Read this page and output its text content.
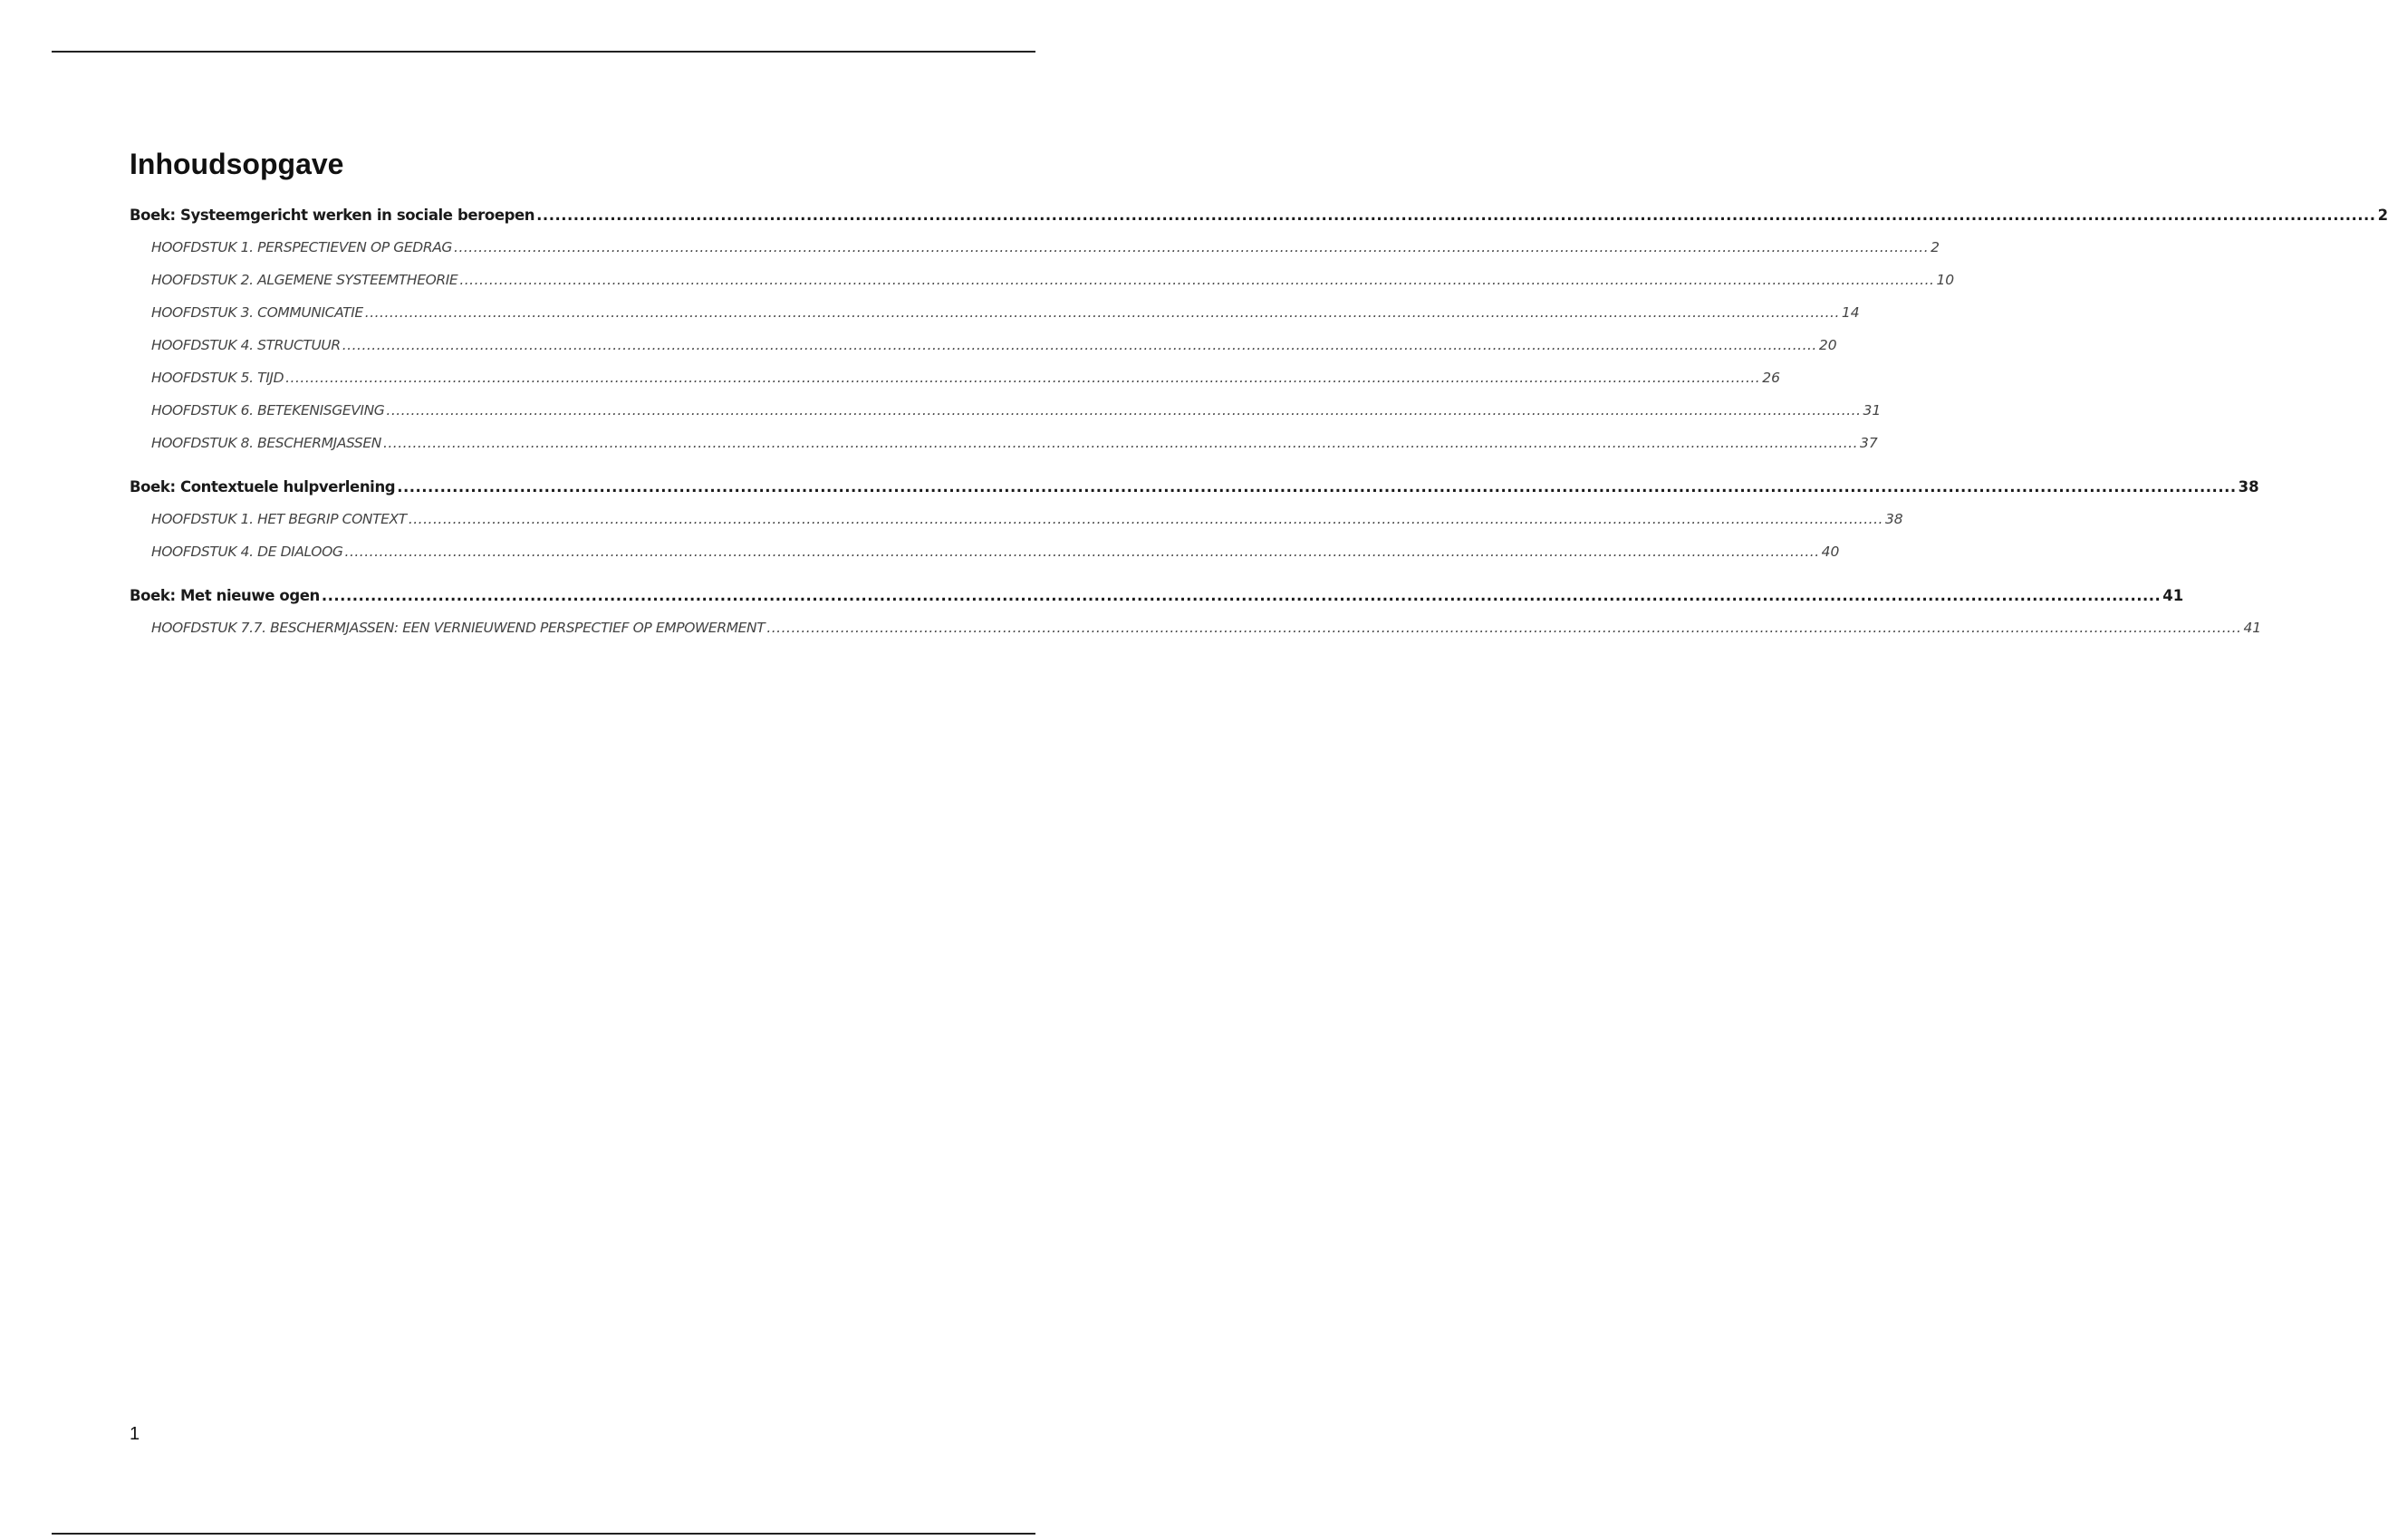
Inhoudsopgave
Boek: Systeemgericht werken in sociale beroepen ............................................................................................................................................................................................................................................................................................................ 2
HOOFDSTUK 1. PERSPECTIEVEN OP GEDRAG ............................................................................................................................................................................................................................................................................................................ 2
HOOFDSTUK 2. ALGEMENE SYSTEEMTHEORIE ............................................................................................................................................................................................................................................................................................................ 10
HOOFDSTUK 3. COMMUNICATIE ............................................................................................................................................................................................................................................................................................................ 14
HOOFDSTUK 4. STRUCTUUR ............................................................................................................................................................................................................................................................................................................ 20
HOOFDSTUK 5. TIJD ............................................................................................................................................................................................................................................................................................................ 26
HOOFDSTUK 6. BETEKENISGEVING ............................................................................................................................................................................................................................................................................................................ 31
HOOFDSTUK 8. BESCHERMJASSEN ............................................................................................................................................................................................................................................................................................................ 37
Boek: Contextuele hulpverlening ............................................................................................................................................................................................................................................................................................................ 38
HOOFDSTUK 1. HET BEGRIP CONTEXT ............................................................................................................................................................................................................................................................................................................ 38
HOOFDSTUK 4. DE DIALOOG ............................................................................................................................................................................................................................................................................................................ 40
Boek: Met nieuwe ogen ............................................................................................................................................................................................................................................................................................................ 41
HOOFDSTUK 7.7. BESCHERMJASSEN: EEN VERNIEUWEND PERSPECTIEF OP EMPOWERMENT ............................................................................................................................................................................................................................................................................................................ 41
1
